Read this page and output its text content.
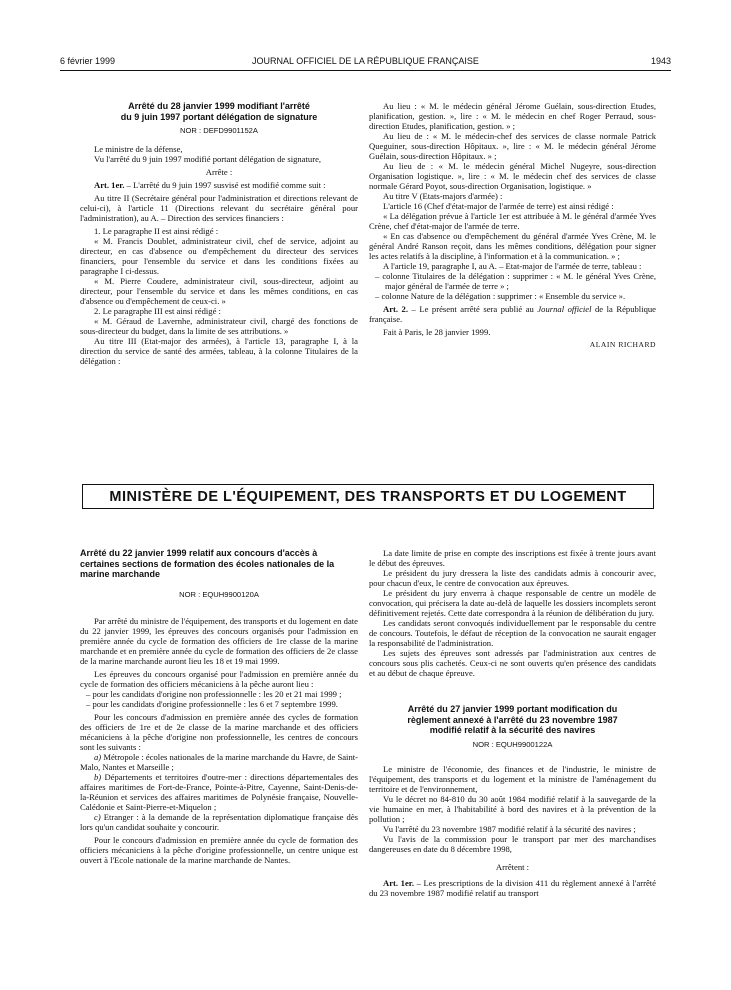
6 février 1999	JOURNAL OFFICIEL DE LA RÉPUBLIQUE FRANÇAISE	1943
Arrêté du 28 janvier 1999 modifiant l'arrêté
du 9 juin 1997 portant délégation de signature
NOR : DEFD9901152A

Le ministre de la défense,

Vu l'arrêté du 9 juin 1997 modifié portant délégation de signature,

Arrête :

Art. 1er. – L'arrêté du 9 juin 1997 susvisé est modifié comme suit :

Au titre II (Secrétaire général pour l'administration et directions relevant de celui-ci), à l'article 11 (Directions relevant du secrétaire général pour l'administration), au A. – Direction des services financiers :

1. Le paragraphe II est ainsi rédigé :

« M. Francis Doublet, administrateur civil, chef de service, adjoint au directeur, en cas d'absence ou d'empêchement du directeur des services financiers, pour l'ensemble du service et dans les conditions fixées au paragraphe I ci-dessus.

« M. Pierre Coudere, administrateur civil, sous-directeur, adjoint au directeur, pour l'ensemble du service et dans les mêmes conditions, en cas d'absence ou d'empêchement de ceux-ci. »

2. Le paragraphe III est ainsi rédigé :

« M. Géraud de Lavernhe, administrateur civil, chargé des fonctions de sous-directeur du budget, dans la limite de ses attributions. »

Au titre III (Etat-major des armées), à l'article 13, paragraphe I, à la direction du service de santé des armées, tableau, à la colonne Titulaires de la délégation :

Au lieu : « M. le médecin général Jérome Guélain, sous-direction Etudes, planification, gestion. », lire : « M. le médecin en chef Roger Perraud, sous-direction Etudes, planification, gestion. » ;

Au lieu de : « M. le médecin-chef des services de classe normale Patrick Queguiner, sous-direction Hôpitaux. », lire : « M. le médecin général Jérome Guélain, sous-direction Hôpitaux. » ;

Au lieu de : « M. le médecin général Michel Nugeyre, sous-direction Organisation logistique. », lire : « M. le médecin chef des services de classe normale Gérard Poyot, sous-direction Organisation, logistique. »

Au titre V (Etats-majors d'armée) :

L'article 16 (Chef d'état-major de l'armée de terre) est ainsi rédigé :

« La délégation prévue à l'article 1er est attribuée à M. le général d'armée Yves Crène, chef d'état-major de l'armée de terre.

« En cas d'absence ou d'empêchement du général d'armée Yves Crène, M. le général André Ranson reçoit, dans les mêmes conditions, délégation pour signer les actes relatifs à la discipline, à l'information et à la communication. » ;

A l'article 19, paragraphe I, au A. – Etat-major de l'armée de terre, tableau :

– colonne Titulaires de la délégation : supprimer : « M. le général Yves Crène, major général de l'armée de terre » ;

– colonne Nature de la délégation : supprimer : « Ensemble du service ».

Art. 2. – Le présent arrêté sera publié au Journal officiel de la République française.

Fait à Paris, le 28 janvier 1999.

ALAIN RICHARD

MINISTÈRE DE L'ÉQUIPEMENT, DES TRANSPORTS ET DU LOGEMENT
Arrêté du 22 janvier 1999 relatif aux concours d'accès à certaines sections de formation des écoles nationales de la marine marchande
NOR : EQUH9900120A

Par arrêté du ministre de l'équipement, des transports et du logement en date du 22 janvier 1999, les épreuves des concours organisés pour l'admission en première année du cycle de formation des officiers de 1re classe de la marine marchande et en première année du cycle de formation des officiers de 2e classe de la marine marchande auront lieu les 18 et 19 mai 1999.

Les épreuves du concours organisé pour l'admission en première année du cycle de formation des officiers mécaniciens à la pêche auront lieu :

– pour les candidats d'origine non professionnelle : les 20 et 21 mai 1999 ;

– pour les candidats d'origine professionnelle : les 6 et 7 septembre 1999.

Pour les concours d'admission en première année des cycles de formation des officiers de 1re et de 2e classe de la marine marchande et des officiers mécaniciens à la pêche d'origine non professionnelle, les centres de concours sont les suivants :

a) Métropole : écoles nationales de la marine marchande du Havre, de Saint-Malo, Nantes et Marseille ;

b) Départements et territoires d'outre-mer : directions départementales des affaires maritimes de Fort-de-France, Pointe-à-Pitre, Cayenne, Saint-Denis-de-la-Réunion et services des affaires maritimes de Polynésie française, Nouvelle-Calédonie et Saint-Pierre-et-Miquelon ;

c) Etranger : à la demande de la représentation diplomatique française dès lors qu'un candidat souhaite y concourir.

Pour le concours d'admission en première année du cycle de formation des officiers mécaniciens à la pêche d'origine professionnelle, un centre unique est ouvert à l'Ecole nationale de la marine marchande de Nantes.

La date limite de prise en compte des inscriptions est fixée à trente jours avant le début des épreuves.

Le président du jury dressera la liste des candidats admis à concourir avec, pour chacun d'eux, le centre de convocation aux épreuves.

Le président du jury enverra à chaque responsable de centre un modèle de convocation, qui précisera la date au-delà de laquelle les dossiers incomplets seront définitivement rejetés. Cette date correspondra à la réunion de délibération du jury.

Les candidats seront convoqués individuellement par le responsable du centre de concours. Toutefois, le défaut de réception de la convocation ne saurait engager la responsabilité de l'administration.

Les sujets des épreuves sont adressés par l'administration aux centres de concours sous plis cachetés. Ceux-ci ne sont ouverts qu'en présence des candidats et au début de chaque épreuve.

Arrêté du 27 janvier 1999 portant modification du
règlement annexé à l'arrêté du 23 novembre 1987
modifié relatif à la sécurité des navires
NOR : EQUH9900122A

Le ministre de l'économie, des finances et de l'industrie, le ministre de l'équipement, des transports et du logement et la ministre de l'aménagement du territoire et de l'environnement,

Vu le décret no 84-810 du 30 août 1984 modifié relatif à la sauvegarde de la vie humaine en mer, à l'habitabilité à bord des navires et à la prévention de la pollution ;

Vu l'arrêté du 23 novembre 1987 modifié relatif à la sécurité des navires ;

Vu l'avis de la commission pour le transport par mer des marchandises dangereuses en date du 8 décembre 1998,

Arrêtent :

Art. 1er. – Les prescriptions de la division 411 du règlement annexé à l'arrêté du 23 novembre 1987 modifié relatif au transport
